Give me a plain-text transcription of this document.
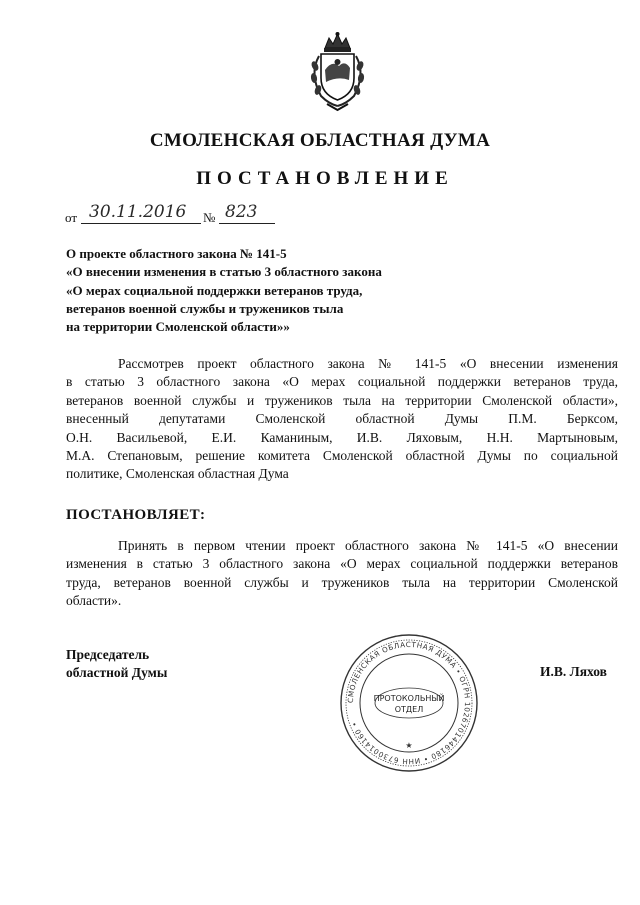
СМОЛЕНСКАЯ ОБЛАСТНАЯ ДУМА
ПОСТАНОВЛЕНИЕ
от 30.11.2016 № 823
О проекте областного закона № 141-5
«О внесении изменения в статью 3 областного закона
«О мерах социальной поддержки ветеранов труда,
ветеранов военной службы и тружеников тыла
на территории Смоленской области»»
Рассмотрев проект областного закона № 141-5 «О внесении изменения
в статью 3 областного закона «О мерах социальной поддержки ветеранов труда,
ветеранов военной службы и тружеников тыла на территории Смоленской области»,
внесенный депутатами Смоленской областной Думы П.М. Берксом,
О.Н. Васильевой, Е.И. Каманиным, И.В. Ляховым, Н.Н. Мартыновым,
М.А. Степановым, решение комитета Смоленской областной Думы по социальной
политике, Смоленская областная Дума
ПОСТАНОВЛЯЕТ:
Принять в первом чтении проект областного закона № 141-5 «О внесении
изменения в статью 3 областного закона «О мерах социальной поддержки ветеранов
труда, ветеранов военной службы и тружеников тыла на территории Смоленской
области».
Председатель
областной Думы	И.В. Ляхов
СМОЛЕНСКАЯ ОБЛАСТНАЯ ДУМА • ОГРН 1026701446180 • ИНН 6730014160 •
ПРОТОКОЛЬНЫЙ
ОТДЕЛ
★
